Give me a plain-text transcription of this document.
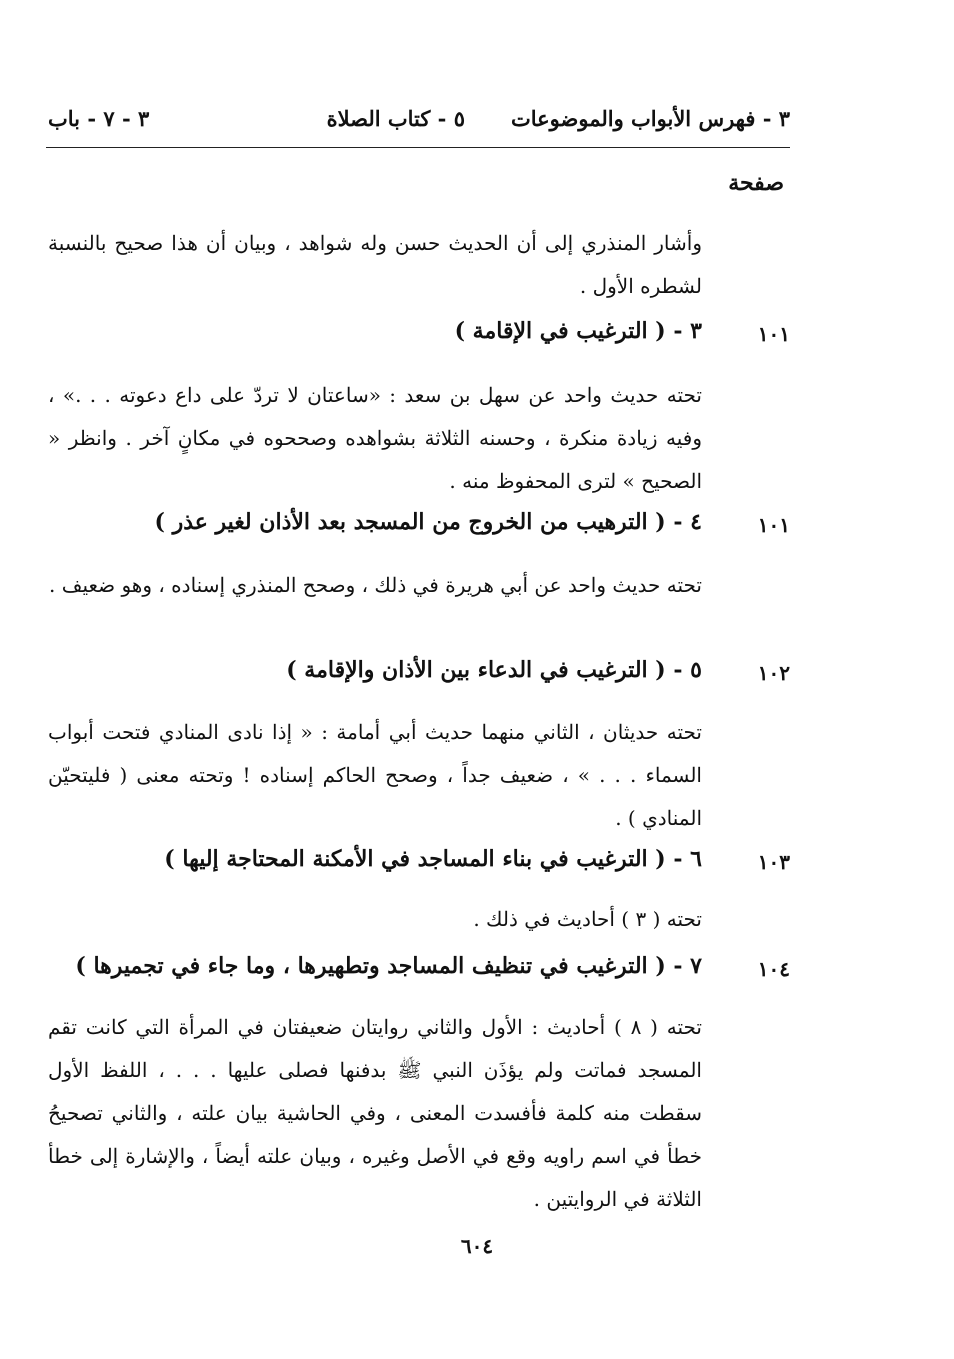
٣ - فهرس الأبواب والموضوعات
٥ - كتاب الصلاة
٣ - ٧ - باب
صفحة
وأشار المنذري إلى أن الحديث حسن وله شواهد ، وبيان أن هذا صحيح بالنسبة لشطره الأول .
١٠١
٣ - ( الترغيب في الإقامة )
تحته حديث واحد عن سهل بن سعد : «ساعتان لا تردّ على داع دعوته . . .» ، وفيه زيادة منكرة ، وحسنه الثلاثة بشواهده وصححوه في مكانٍ آخر . وانظر « الصحيح » لترى المحفوظ منه .
١٠١
٤ - ( الترهيب من الخروج من المسجد بعد الأذان لغير عذر )
تحته حديث واحد عن أبي هريرة في ذلك ، وصحح المنذري إسناده ، وهو ضعيف .
١٠٢
٥ - ( الترغيب في الدعاء بين الأذان والإقامة )
تحته حديثان ، الثاني منهما حديث أبي أمامة : « إذا نادى المنادي فتحت أبواب السماء . . . » ، ضعيف جداً ، وصحح الحاكم إسناده ! وتحته معنى ( فليتحيّن المنادي ) .
١٠٣
٦ - ( الترغيب في بناء المساجد في الأمكنة المحتاجة إليها )
تحته ( ٣ ) أحاديث في ذلك .
١٠٤
٧ - ( الترغيب في تنظيف المساجد وتطهيرها ، وما جاء في تجميرها )
تحته ( ٨ ) أحاديث : الأول والثاني روايتان ضعيفتان في المرأة التي كانت تقم المسجد فماتت ولم يؤذَن النبي ﷺ بدفنها فصلى عليها . . . ، اللفظ الأول سقطت منه كلمة فأفسدت المعنى ، وفي الحاشية بيان علته ، والثاني تصحيحُ خطأ في اسم راويه وقع في الأصل وغيره ، وبيان علته أيضاً ، والإشارة إلى خطأ الثلاثة في الروايتين .
٦٠٤
